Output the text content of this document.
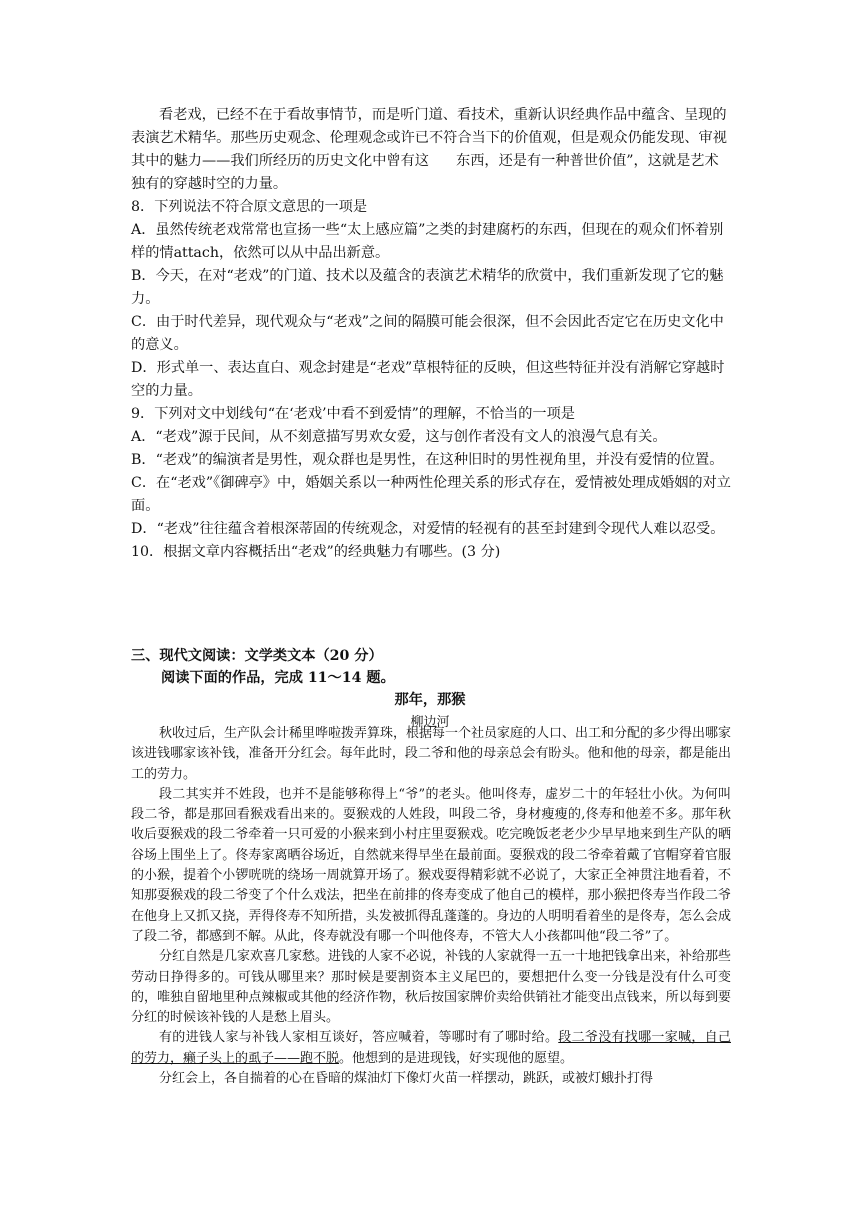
看老戏，已经不在于看故事情节，而是听门道、看技术，重新认识经典作品中蕴含、呈现的表演艺术精华。那些历史观念、伦理观念或许已不符合当下的价值观，但是观众仍能发现、审视其中的魅力——我们所经历的历史文化中曾有这 东西，还是有一种普世价值”，这就是艺术独有的穿越时空的力量。

8．下列说法不符合原文意思的一项是

A．虽然传统老戏常常也宣扬一些“太上感应篇”之类的封建腐朽的东西，但现在的观众们怀着别样的情attach，依然可以从中品出新意。

B．今天，在对“老戏”的门道、技术以及蕴含的表演艺术精华的欣赏中，我们重新发现了它的魅力。

C．由于时代差异，现代观众与“老戏”之间的隔膜可能会很深，但不会因此否定它在历史文化中的意义。

D．形式单一、表达直白、观念封建是“老戏”草根特征的反映，但这些特征并没有消解它穿越时空的力量。

9．下列对文中划线句“在‘老戏’中看不到爱情”的理解，不恰当的一项是

A．“老戏”源于民间，从不刻意描写男欢女爱，这与创作者没有文人的浪漫气息有关。

B．“老戏”的编演者是男性，观众群也是男性，在这种旧时的男性视角里，并没有爱情的位置。

C．在“老戏”《御碑亭》中，婚姻关系以一种两性伦理关系的形式存在，爱情被处理成婚姻的对立面。

D．“老戏”往往蕴含着根深蒂固的传统观念，对爱情的轻视有的甚至封建到令现代人难以忍受。

10．根据文章内容概括出“老戏”的经典魅力有哪些。(3 分)

三、现代文阅读：文学类文本（20 分）

阅读下面的作品，完成 11～14 题。

那年，那猴

柳边河

秋收过后，生产队会计稀里哗啦拨弄算珠，根据每一个社员家庭的人口、出工和分配的多少得出哪家该进钱哪家该补钱，准备开分红会。每年此时，段二爷和他的母亲总会有盼头。他和他的母亲，都是能出工的劳力。

段二其实并不姓段，也并不是能够称得上“爷”的老头。他叫佟寿，虚岁二十的年轻壮小伙。为何叫段二爷，都是那回看猴戏看出来的。耍猴戏的人姓段，叫段二爷，身材瘦瘦的,佟寿和他差不多。那年秋收后耍猴戏的段二爷牵着一只可爱的小猴来到小村庄里耍猴戏。吃完晚饭老老少少早早地来到生产队的晒谷场上围坐上了。佟寿家离晒谷场近，自然就来得早坐在最前面。耍猴戏的段二爷牵着戴了官帽穿着官服的小猴，提着个小锣咣咣的绕场一周就算开场了。猴戏耍得精彩就不必说了，大家正全神贯注地看着，不知那耍猴戏的段二爷变了个什么戏法，把坐在前排的佟寿变成了他自己的模样，那小猴把佟寿当作段二爷在他身上又抓又挠，弄得佟寿不知所措，头发被抓得乱蓬蓬的。身边的人明明看着坐的是佟寿，怎么会成了段二爷，都感到不解。从此，佟寿就没有哪一个叫他佟寿，不管大人小孩都叫他“段二爷”了。

分红自然是几家欢喜几家愁。进钱的人家不必说，补钱的人家就得一五一十地把钱拿出来，补给那些劳动日挣得多的。可钱从哪里来？那时候是要割资本主义尾巴的，要想把什么变一分钱是没有什么可变的，唯独自留地里种点辣椒或其他的经济作物，秋后按国家牌价卖给供销社才能变出点钱来，所以每到要分红的时候该补钱的人是愁上眉头。

有的进钱人家与补钱人家相互谈好，答应喊着，等哪时有了哪时给。段二爷没有找哪一家喊，自己的劳力，癞子头上的虱子——跑不脱。他想到的是进现钱，好实现他的愿望。

分红会上，各自揣着的心在昏暗的煤油灯下像灯火苗一样摆动，跳跃，或被灯蛾扑打得
